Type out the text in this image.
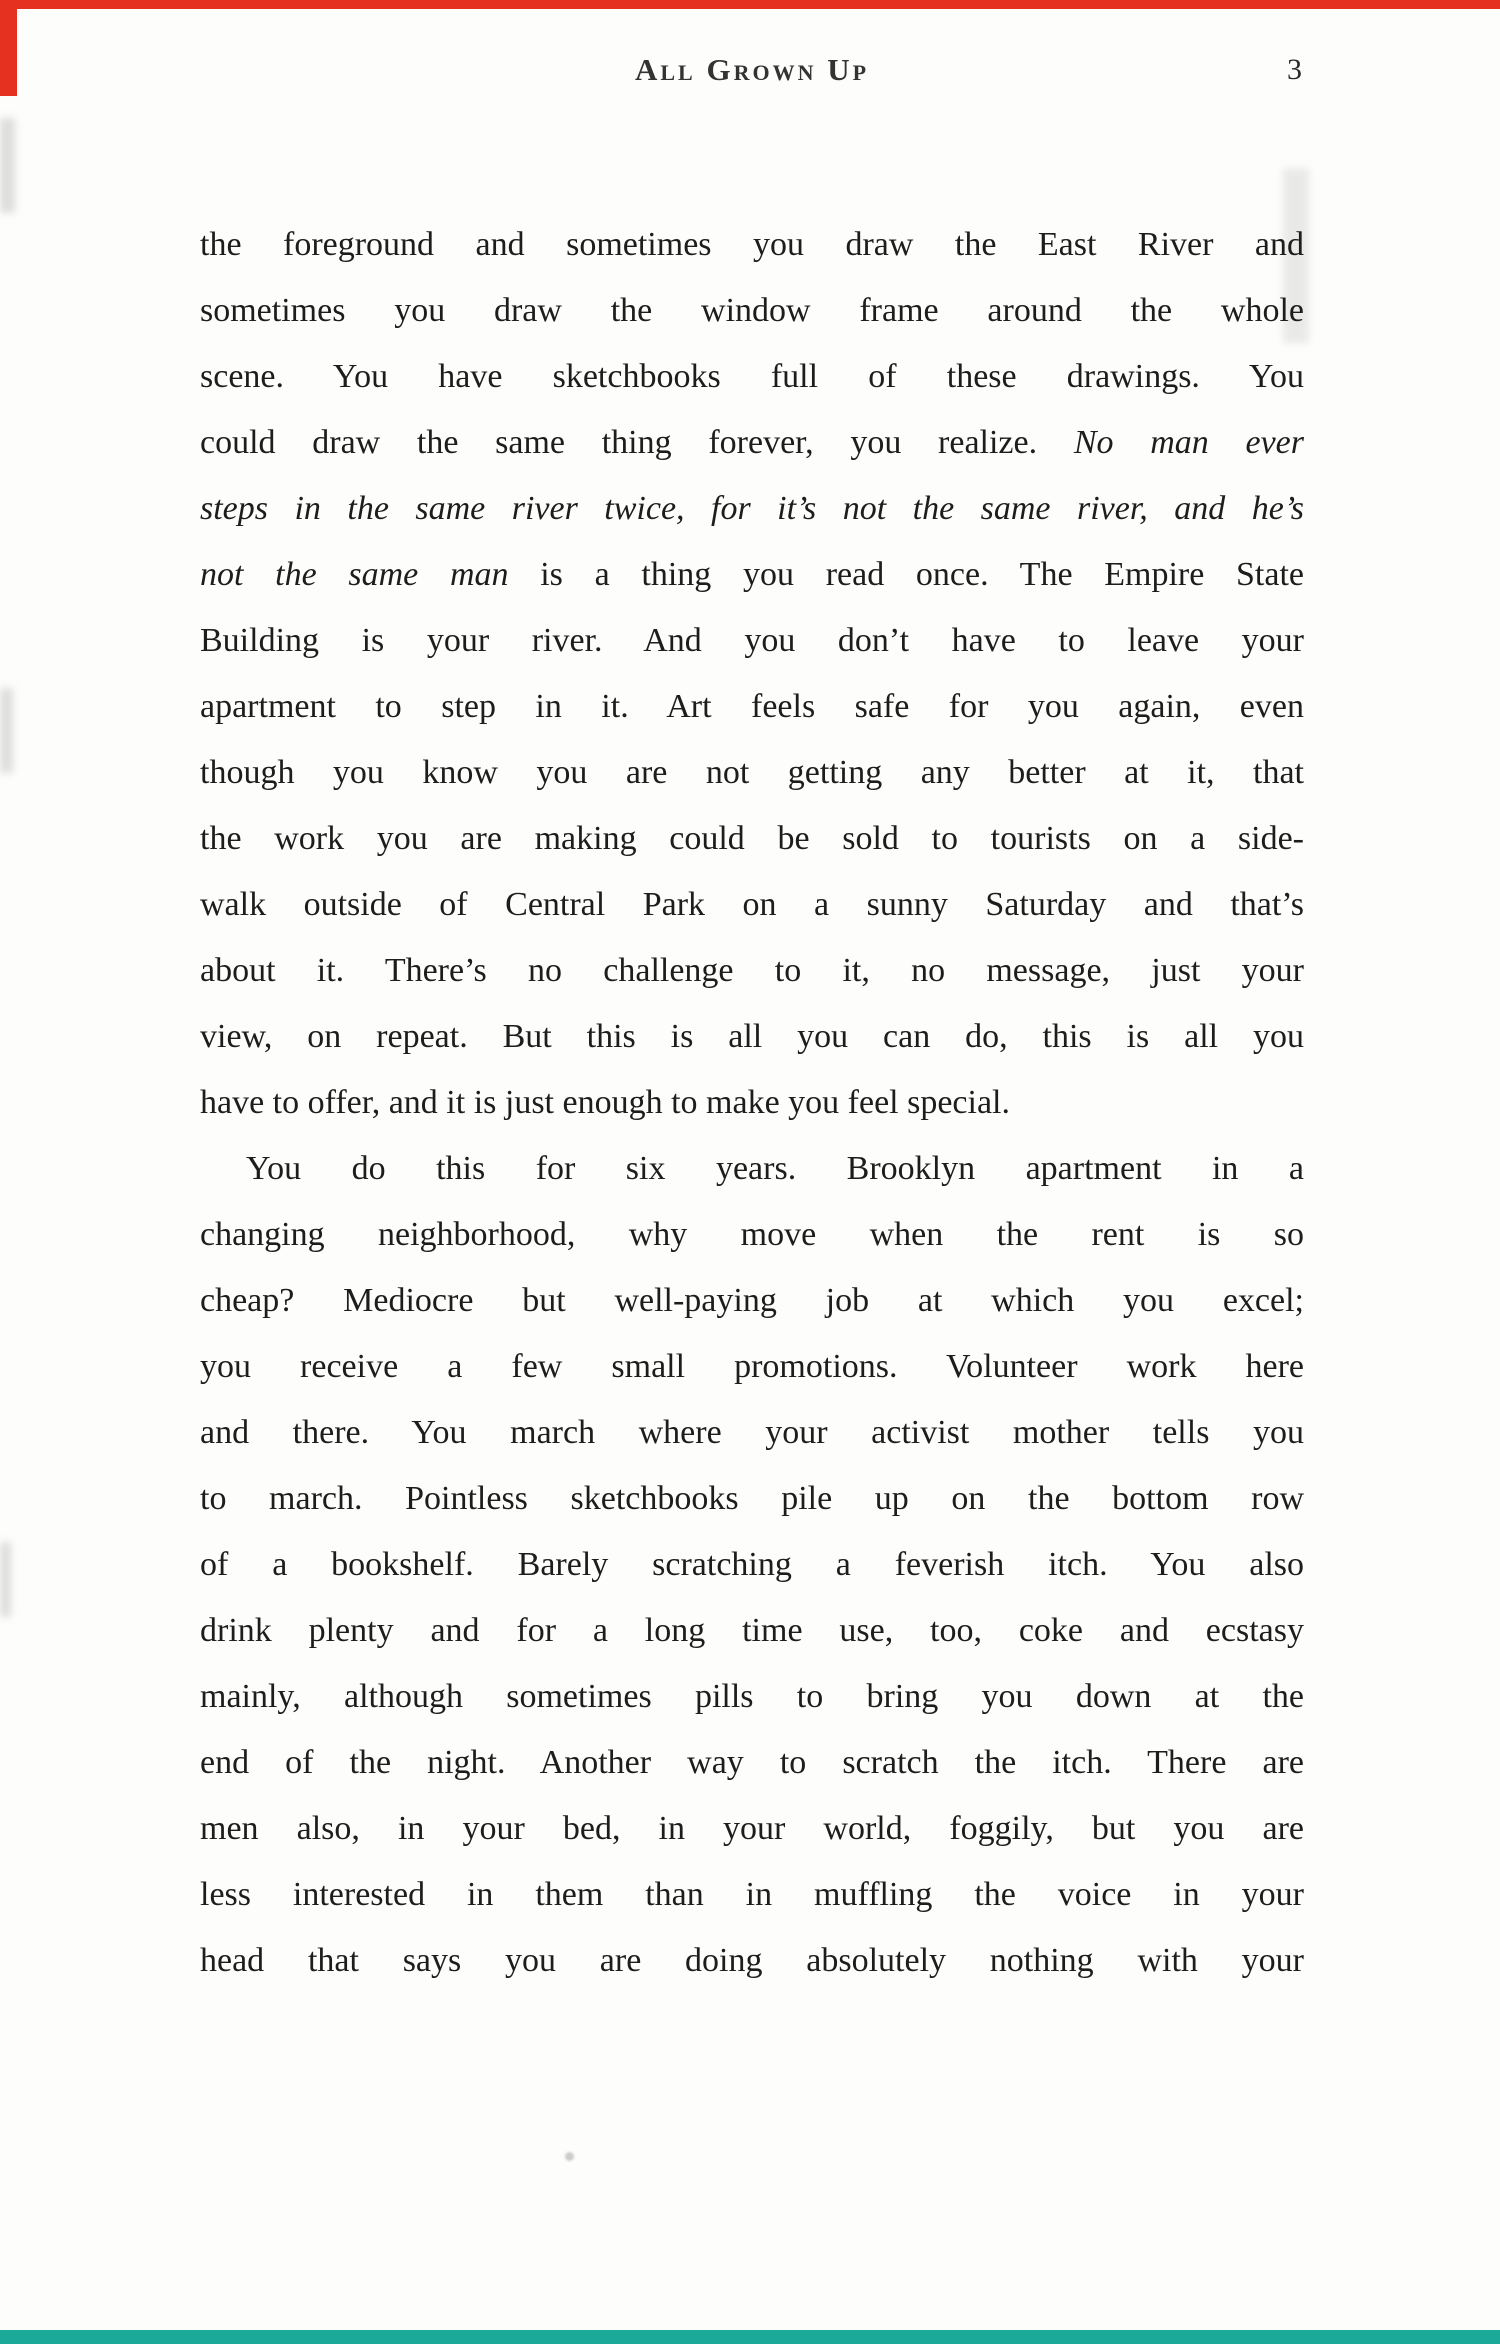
All Grown Up	3
the foreground and sometimes you draw the East River and
sometimes you draw the window frame around the whole
scene. You have sketchbooks full of these drawings. You
could draw the same thing forever, you realize. No man ever
steps in the same river twice, for it’s not the same river, and he’s
not the same man is a thing you read once. The Empire State
Building is your river. And you don’t have to leave your
apartment to step in it. Art feels safe for you again, even
though you know you are not getting any better at it, that
the work you are making could be sold to tourists on a side-
walk outside of Central Park on a sunny Saturday and that’s
about it. There’s no challenge to it, no message, just your
view, on repeat. But this is all you can do, this is all you
have to offer, and it is just enough to make you feel special.
You do this for six years. Brooklyn apartment in a
changing neighborhood, why move when the rent is so
cheap? Mediocre but well-paying job at which you excel;
you receive a few small promotions. Volunteer work here
and there. You march where your activist mother tells you
to march. Pointless sketchbooks pile up on the bottom row
of a bookshelf. Barely scratching a feverish itch. You also
drink plenty and for a long time use, too, coke and ecstasy
mainly, although sometimes pills to bring you down at the
end of the night. Another way to scratch the itch. There are
men also, in your bed, in your world, foggily, but you are
less interested in them than in muffling the voice in your
head that says you are doing absolutely nothing with your
